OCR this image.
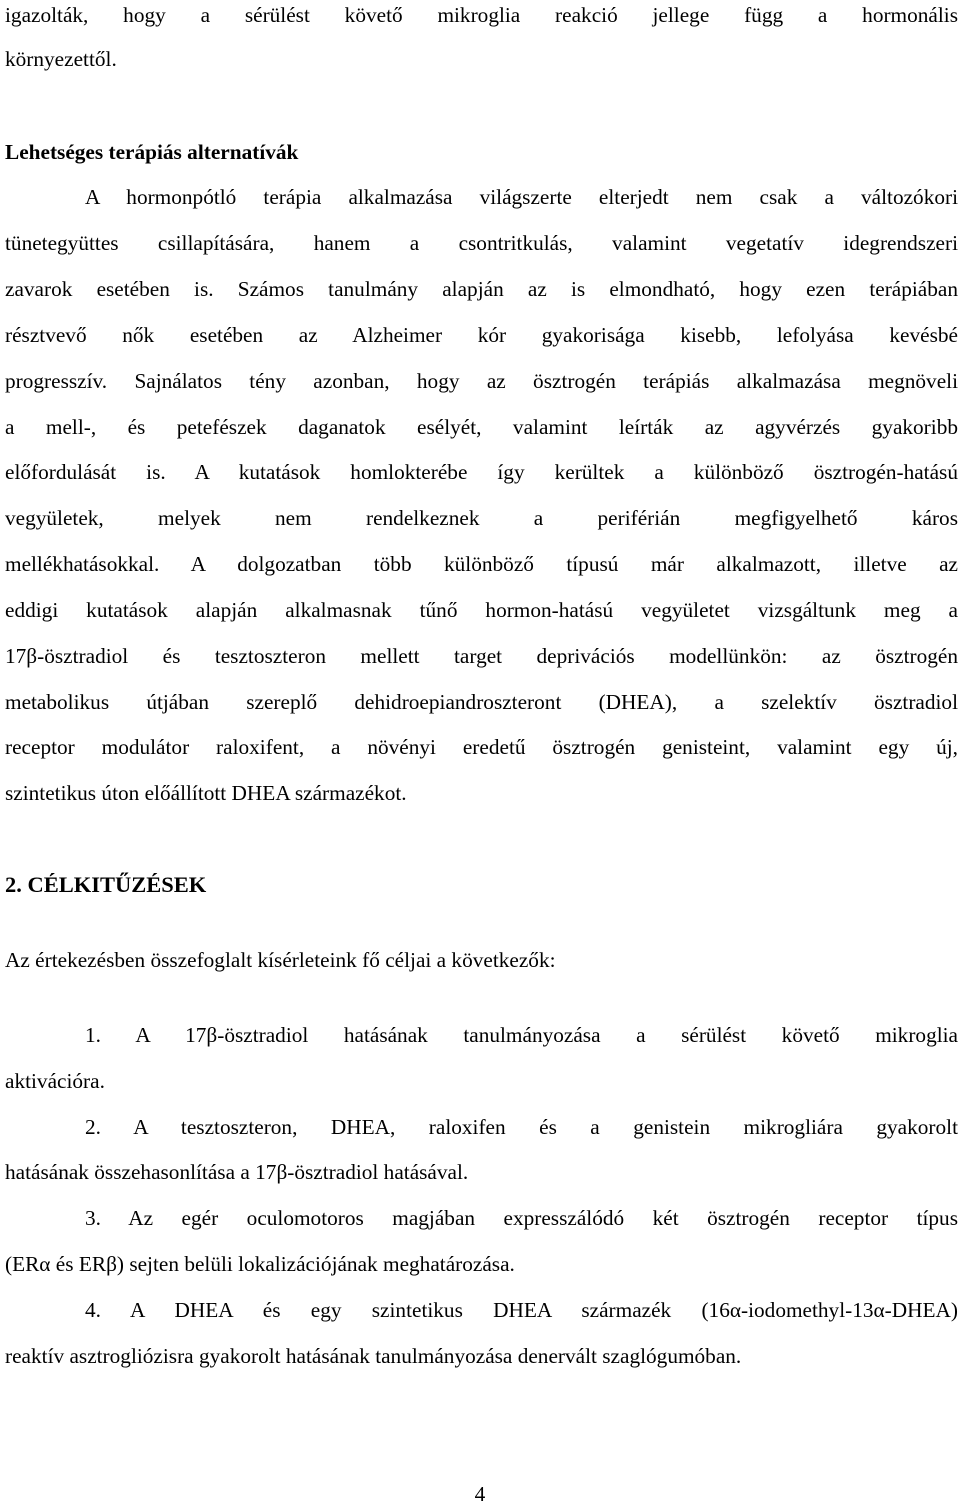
igazolták, hogy a sérülést követő mikroglia reakció jellege függ a hormonális
környezettől.
Lehetséges terápiás alternatívák
A hormonpótló terápia alkalmazása világszerte elterjedt nem csak a változókori
tünetegyüttes csillapítására, hanem a csontritkulás, valamint vegetatív idegrendszeri
zavarok esetében is. Számos tanulmány alapján az is elmondható, hogy ezen terápiában
résztvevő nők esetében az Alzheimer kór gyakorisága kisebb, lefolyása kevésbé
progresszív. Sajnálatos tény azonban, hogy az ösztrogén terápiás alkalmazása megnöveli
a mell-, és petefészek daganatok esélyét, valamint leírták az agyvérzés gyakoribb
előfordulását is. A kutatások homlokterébe így kerültek a különböző ösztrogén-hatású
vegyületek, melyek nem rendelkeznek a periférián megfigyelhető káros
mellékhatásokkal. A dolgozatban több különböző típusú már alkalmazott, illetve az
eddigi kutatások alapján alkalmasnak tűnő hormon-hatású vegyületet vizsgáltunk meg a
17β-ösztradiol és tesztoszteron mellett target deprivációs modellünkön: az ösztrogén
metabolikus útjában szereplő dehidroepiandroszteront (DHEA), a szelektív ösztradiol
receptor modulátor raloxifent, a növényi eredetű ösztrogén genisteint, valamint egy új,
szintetikus úton előállított DHEA származékot.
2. CÉLKITŰZÉSEK
Az értekezésben összefoglalt kísérleteink fő céljai a következők:
1. A 17β-ösztradiol hatásának tanulmányozása a sérülést követő mikroglia
aktivációra.
2. A tesztoszteron, DHEA, raloxifen és a genistein mikrogliára gyakorolt
hatásának összehasonlítása a 17β-ösztradiol hatásával.
3. Az egér oculomotoros magjában expresszálódó két ösztrogén receptor típus
(ERα és ERβ) sejten belüli lokalizációjának meghatározása.
4. A DHEA és egy szintetikus DHEA származék (16α-iodomethyl-13α-DHEA)
reaktív asztrogliózisra gyakorolt hatásának tanulmányozása denervált szaglógumóban.
4
